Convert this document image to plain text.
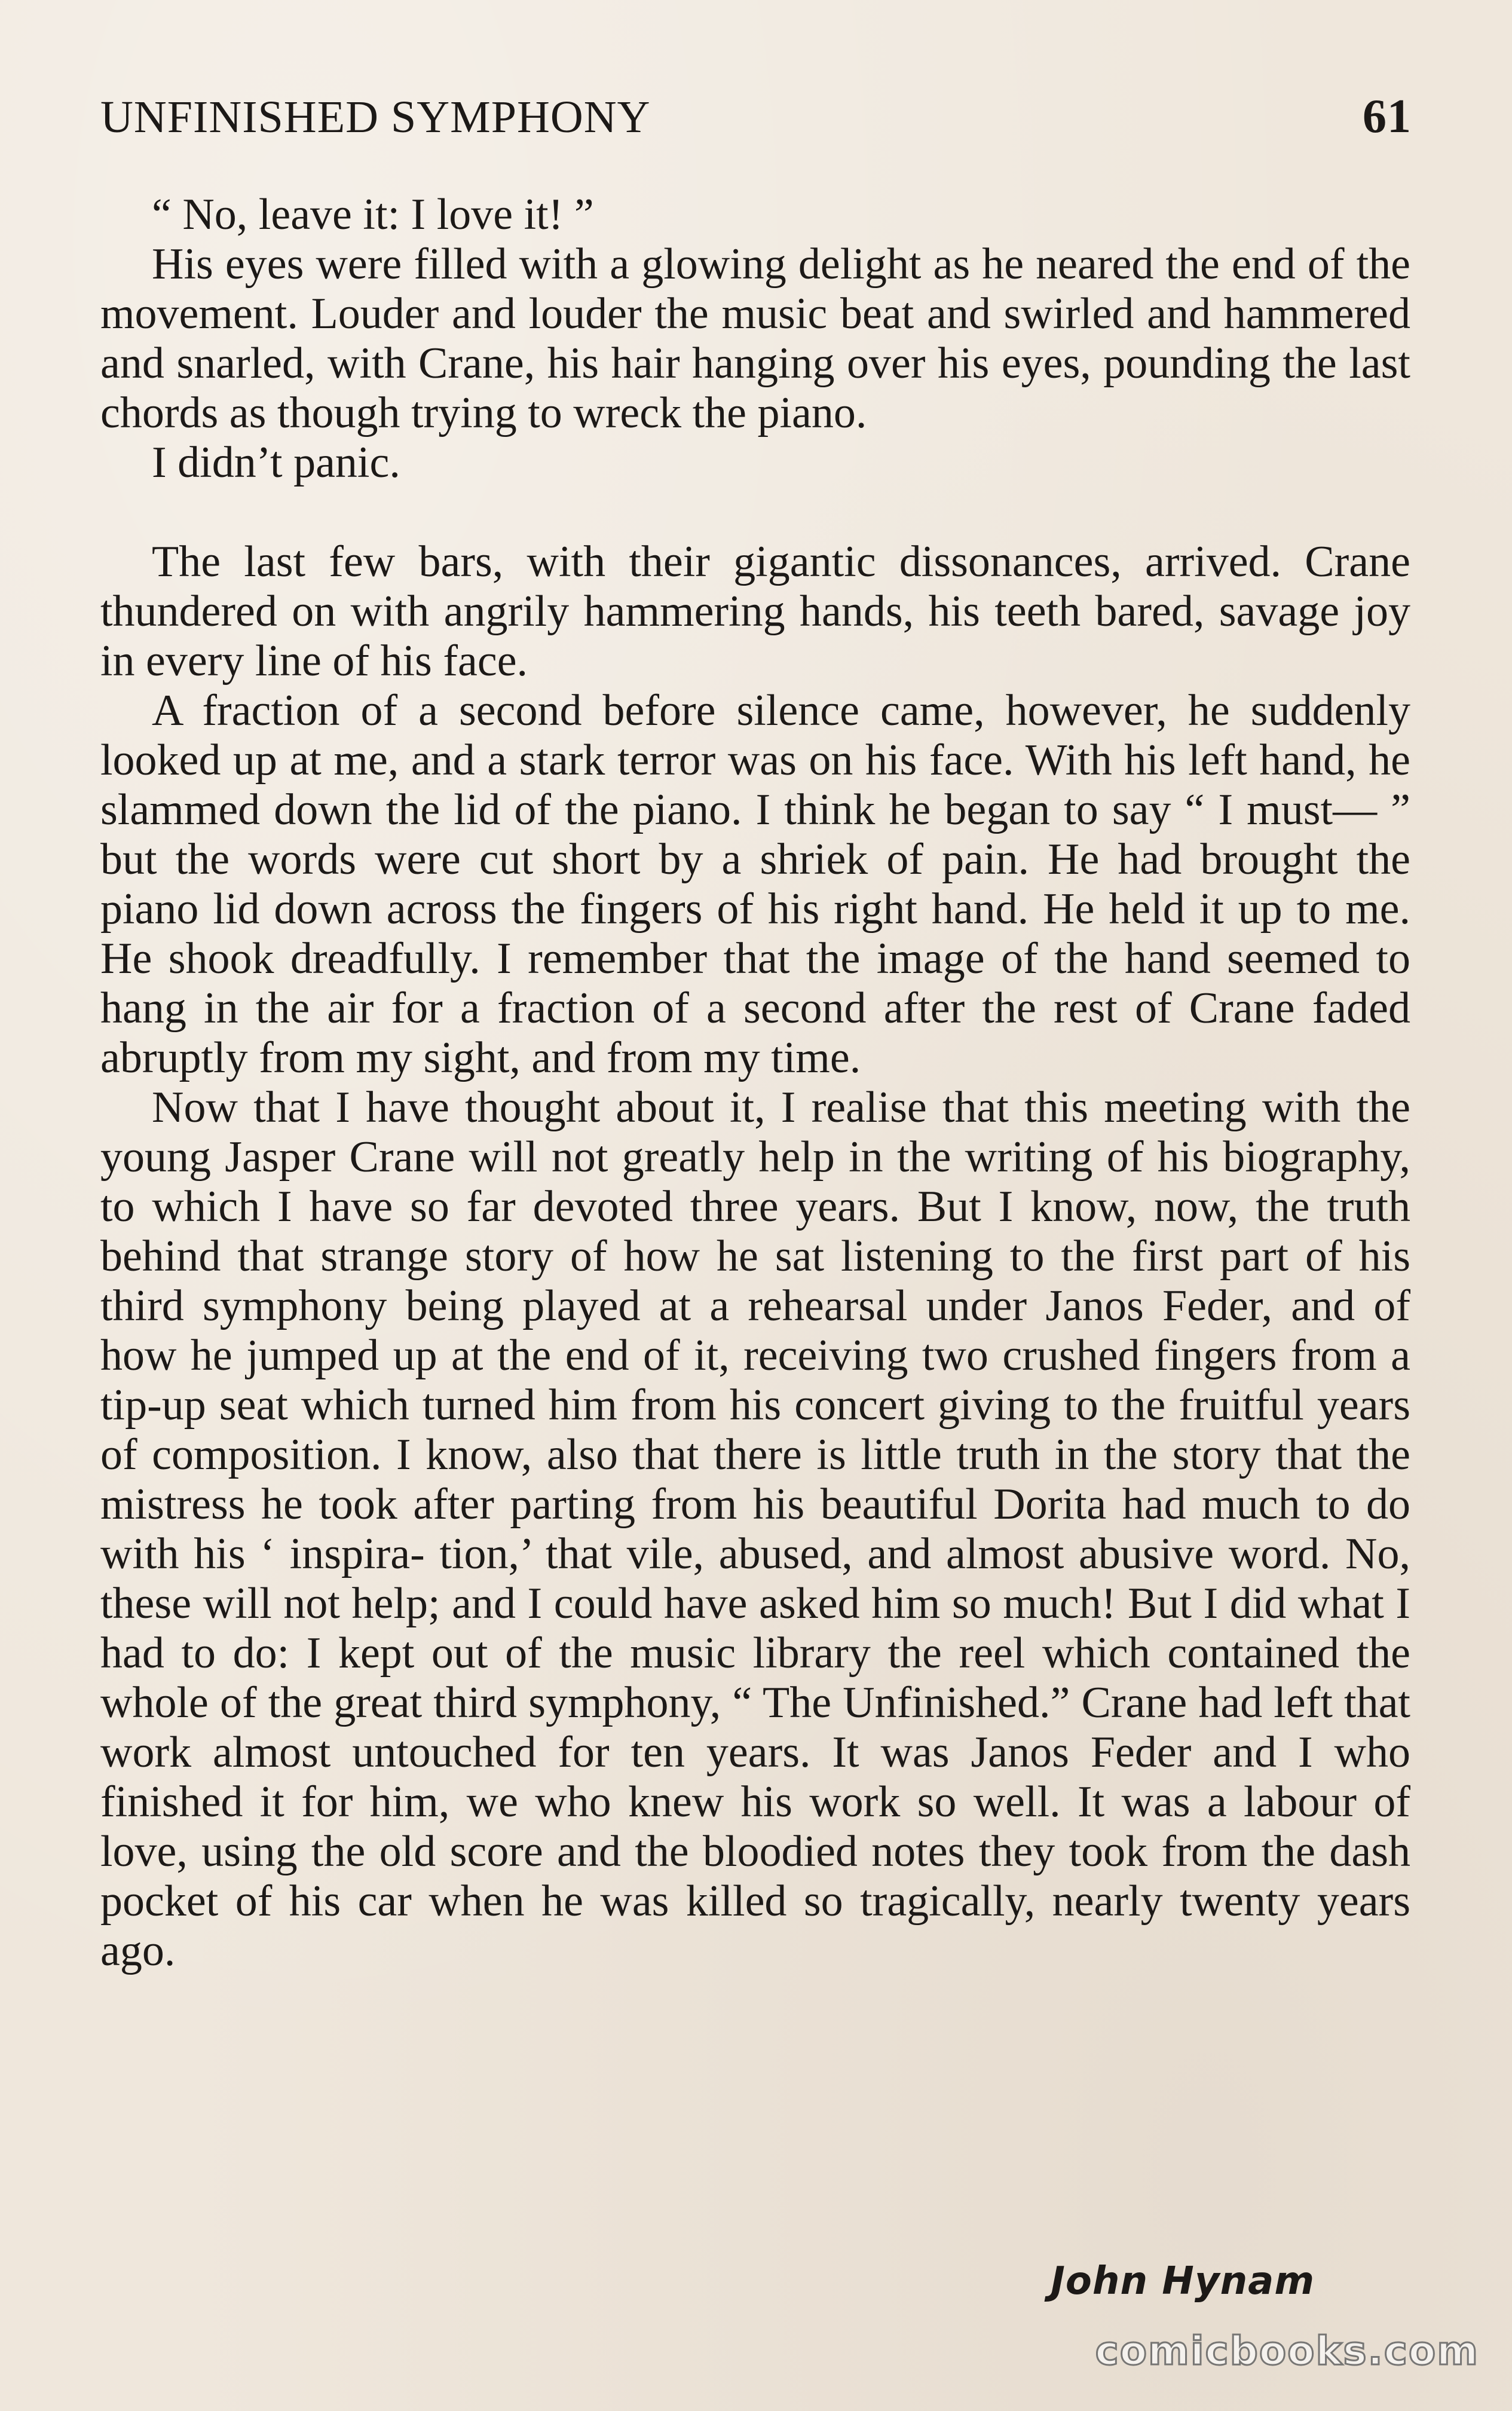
UNFINISHED SYMPHONY	61

“ No, leave it: I love it! ”

His eyes were filled with a glowing delight as he neared the end of the movement. Louder and louder the music beat and swirled and hammered and snarled, with Crane, his hair hanging over his eyes, pounding the last chords as though trying to wreck the piano.

I didn’t panic.

The last few bars, with their gigantic dissonances, arrived. Crane thundered on with angrily hammering hands, his teeth bared, savage joy in every line of his face.

A fraction of a second before silence came, however, he suddenly looked up at me, and a stark terror was on his face. With his left hand, he slammed down the lid of the piano. I think he began to say “ I must— ” but the words were cut short by a shriek of pain. He had brought the piano lid down across the fingers of his right hand. He held it up to me. He shook dreadfully. I remember that the image of the hand seemed to hang in the air for a fraction of a second after the rest of Crane faded abruptly from my sight, and from my time.

Now that I have thought about it, I realise that this meeting with the young Jasper Crane will not greatly help in the writing of his biography, to which I have so far devoted three years. But I know, now, the truth behind that strange story of how he sat listening to the first part of his third symphony being played at a rehearsal under Janos Feder, and of how he jumped up at the end of it, receiving two crushed fingers from a tip-up seat which turned him from his concert giving to the fruitful years of composition. I know, also that there is little truth in the story that the mistress he took after parting from his beautiful Dorita had much to do with his ‘ inspira- tion,’ that vile, abused, and almost abusive word. No, these will not help; and I could have asked him so much! But I did what I had to do: I kept out of the music library the reel which contained the whole of the great third symphony, “ The Unfinished.” Crane had left that work almost untouched for ten years. It was Janos Feder and I who finished it for him, we who knew his work so well. It was a labour of love, using the old score and the bloodied notes they took from the dash pocket of his car when he was killed so tragically, nearly twenty years ago.

John Hynam
comicbooks.com
